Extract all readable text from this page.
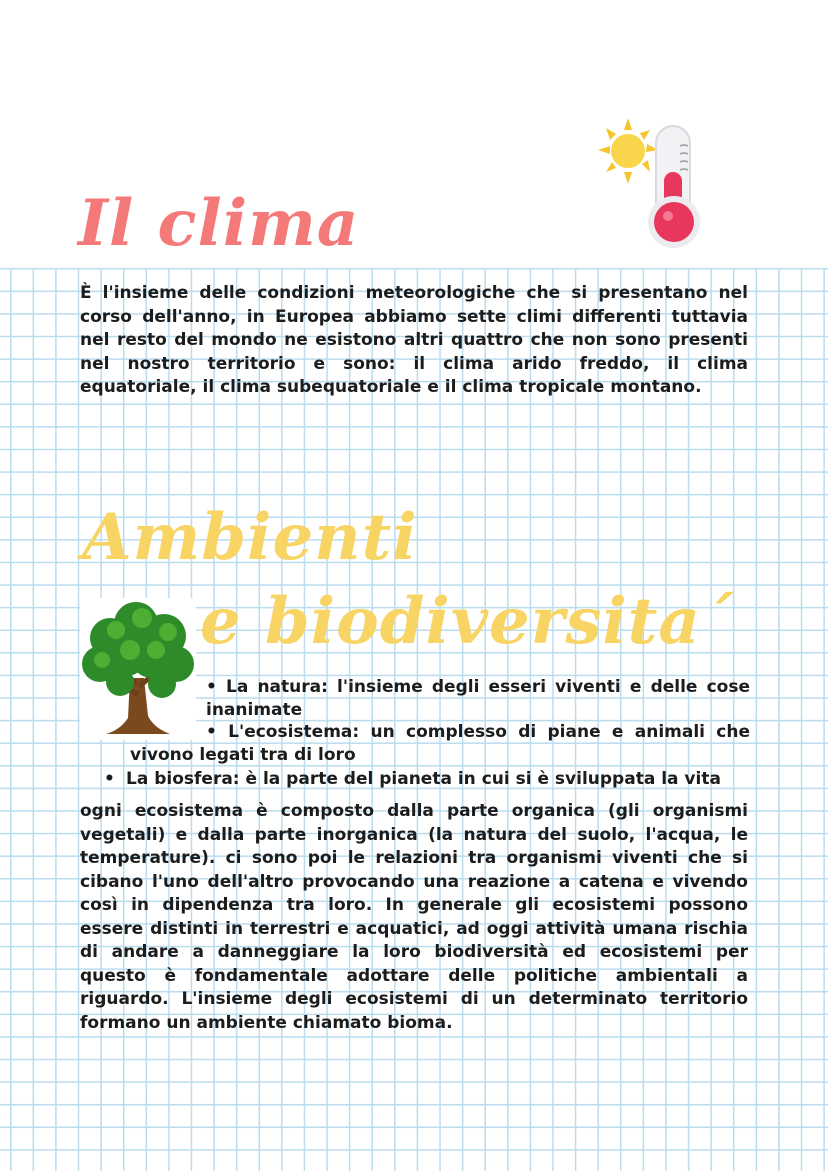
Il clima

È l'insieme delle condizioni meteorologiche che si presentano nel corso dell'anno, in Europea abbiamo sette climi differenti tuttavia nel resto del mondo ne esistono altri quattro che non sono presenti nel nostro territorio e sono: il clima arido freddo, il clima equatoriale, il clima subequatoriale e il clima tropicale montano.

Ambienti
e biodiversita´

• La natura: l'insieme degli esseri viventi e delle cose inanimate

• L'ecosistema: un complesso di piane e animali che vivono legati tra di loro

• La biosfera: è la parte del pianeta in cui si è sviluppata la vita

ogni ecosistema è composto dalla parte organica (gli organismi vegetali) e dalla parte inorganica (la natura del suolo, l'acqua, le temperature). ci sono poi le relazioni tra organismi viventi che si cibano l'uno dell'altro provocando una reazione a catena e vivendo così in dipendenza tra loro. In generale gli ecosistemi possono essere distinti in terrestri e acquatici, ad oggi attività umana rischia di andare a danneggiare la loro biodiversità ed ecosistemi per questo è fondamentale adottare delle politiche ambientali a riguardo. L'insieme degli ecosistemi di un determinato territorio formano un ambiente chiamato bioma.
